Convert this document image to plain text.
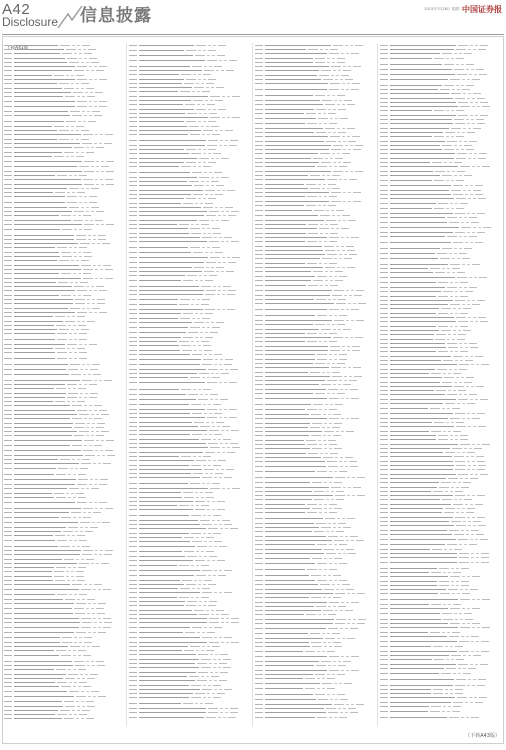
A42
Disclosure 信息披露	2015年7月28日 星期二 中国证券报
（下转A43版）
